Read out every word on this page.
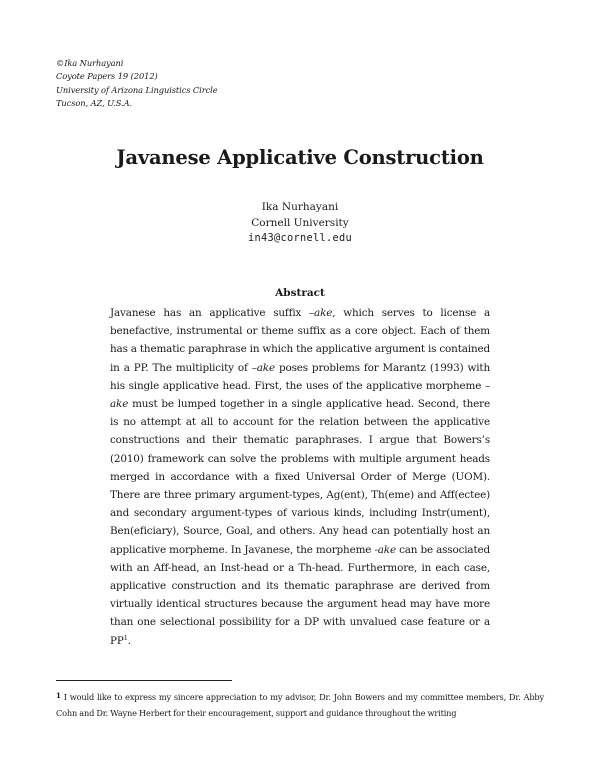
©Ika Nurhayani
Coyote Papers 19 (2012)
University of Arizona Linguistics Circle
Tucson, AZ, U.S.A.
Javanese Applicative Construction
Ika Nurhayani
Cornell University
in43@cornell.edu
Abstract
Javanese has an applicative suffix –ake, which serves to license a benefactive, instrumental or theme suffix as a core object. Each of them has a thematic paraphrase in which the applicative argument is contained in a PP. The multiplicity of –ake poses problems for Marantz (1993) with his single applicative head. First, the uses of the applicative morpheme –ake must be lumped together in a single applicative head. Second, there is no attempt at all to account for the relation between the applicative constructions and their thematic paraphrases. I argue that Bowers’s (2010) framework can solve the problems with multiple argument heads merged in accordance with a fixed Universal Order of Merge (UOM). There are three primary argument-types, Ag(ent), Th(eme) and Aff(ectee) and secondary argument-types of various kinds, including Instr(ument), Ben(eficiary), Source, Goal, and others. Any head can potentially host an applicative morpheme. In Javanese, the morpheme -ake can be associated with an Aff-head, an Inst-head or a Th-head. Furthermore, in each case, applicative construction and its thematic paraphrase are derived from virtually identical structures because the argument head may have more than one selectional possibility for a DP with unvalued case feature or a $PP^1$.
1 I would like to express my sincere appreciation to my advisor, Dr. John Bowers and my committee members, Dr. Abby Cohn and Dr. Wayne Herbert for their encouragement, support and guidance throughout the writing
